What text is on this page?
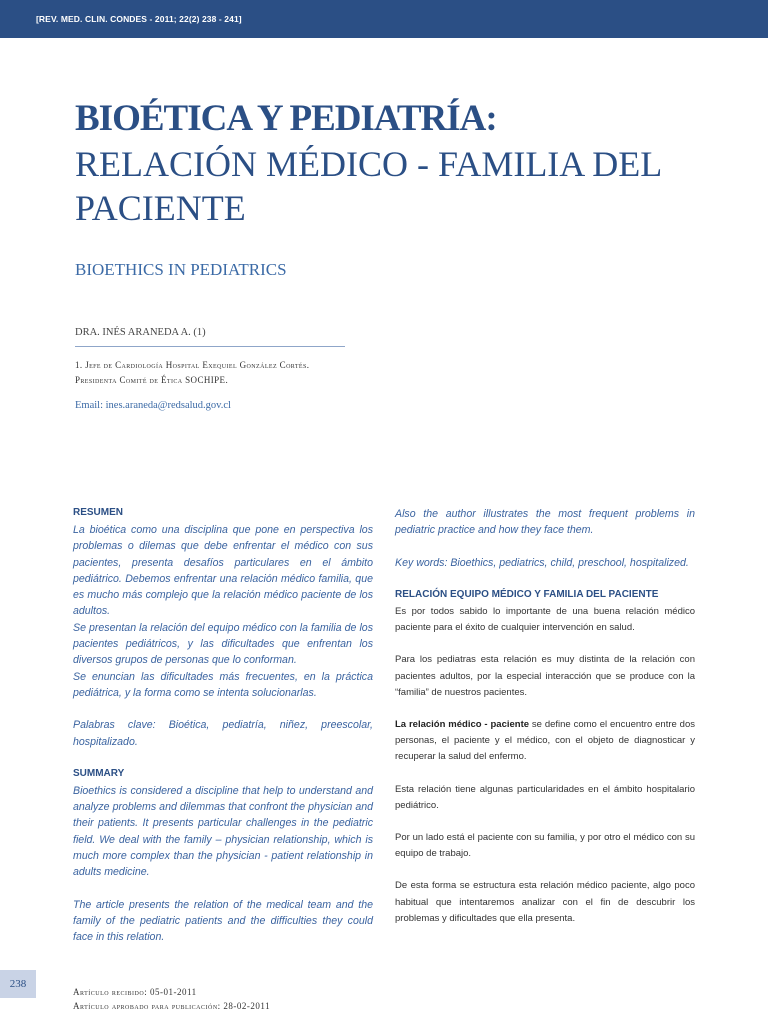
[REV. MED. CLIN. CONDES - 2011; 22(2) 238 - 241]
BIOÉTICA Y PEDIATRÍA:
RELACIÓN MÉDICO - FAMILIA DEL
PACIENTE
BIOETHICS IN PEDIATRICS
DRA. INÉS ARANEDA A. (1)
1. Jefe de Cardiología Hospital Exequiel González Cortés.
Presidenta Comité de Ética SOCHIPE.
Email: ines.araneda@redsalud.gov.cl
RESUMEN

La bioética como una disciplina que pone en perspectiva los problemas o dilemas que debe enfrentar el médico con sus pacientes, presenta desafíos particulares en el ámbito pediátrico. Debemos enfrentar una relación médico familia, que es mucho más complejo que la relación médico paciente de los adultos.

Se presentan la relación del equipo médico con la familia de los pacientes pediátricos, y las dificultades que enfrentan los diversos grupos de personas que lo conforman.

Se enuncian las dificultades más frecuentes, en la práctica pediátrica, y la forma como se intenta solucionarlas.

Palabras clave: Bioética, pediatría, niñez, preescolar, hospitalizado.

SUMMARY

Bioethics is considered a discipline that help to understand and analyze problems and dilemmas that confront the physician and their patients. It presents particular challenges in the pediatric field. We deal with the family – physician relationship, which is much more complex than the physician - patient relationship in adults medicine.

The article presents the relation of the medical team and the family of the pediatric patients and the difficulties they could face in this relation.

Also the author illustrates the most frequent problems in pediatric practice and how they face them.

Key words: Bioethics, pediatrics, child, preschool, hospitalized.

RELACIÓN EQUIPO MÉDICO Y FAMILIA DEL PACIENTE

Es por todos sabido lo importante de una buena relación médico paciente para el éxito de cualquier intervención en salud.

Para los pediatras esta relación es muy distinta de la relación con pacientes adultos, por la especial interacción que se produce con la “familia” de nuestros pacientes.

La relación médico - paciente se define como el encuentro entre dos personas, el paciente y el médico, con el objeto de diagnosticar y recuperar la salud del enfermo.

Esta relación tiene algunas particularidades en el ámbito hospitalario pediátrico.

Por un lado está el paciente con su familia, y por otro el médico con su equipo de trabajo.

De esta forma se estructura esta relación médico paciente, algo poco habitual que intentaremos analizar con el fin de descubrir los problemas y dificultades que ella presenta.

238
Artículo recibido: 05-01-2011
Artículo aprobado para publicación: 28-02-2011
